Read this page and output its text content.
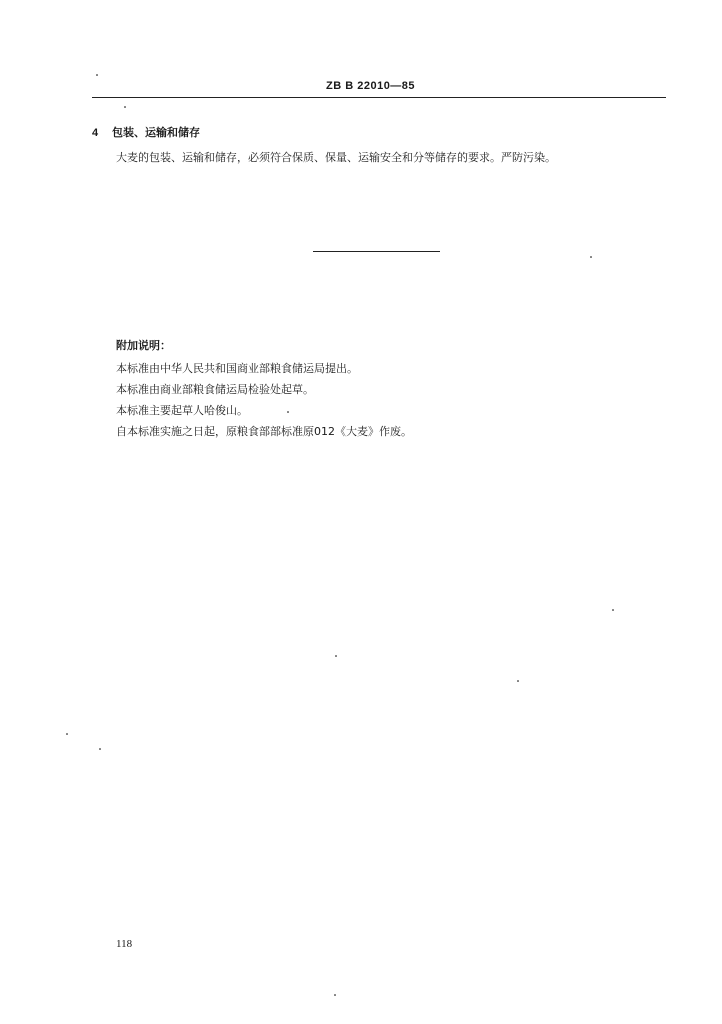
ZB B 22010—85
4 包装、运输和储存
大麦的包装、运输和储存，必须符合保质、保量、运输安全和分等储存的要求。严防污染。
附加说明：
本标准由中华人民共和国商业部粮食储运局提出。
本标准由商业部粮食储运局检验处起草。
本标准主要起草人哈俊山。
自本标准实施之日起，原粮食部部标准原012《大麦》作废。
118
